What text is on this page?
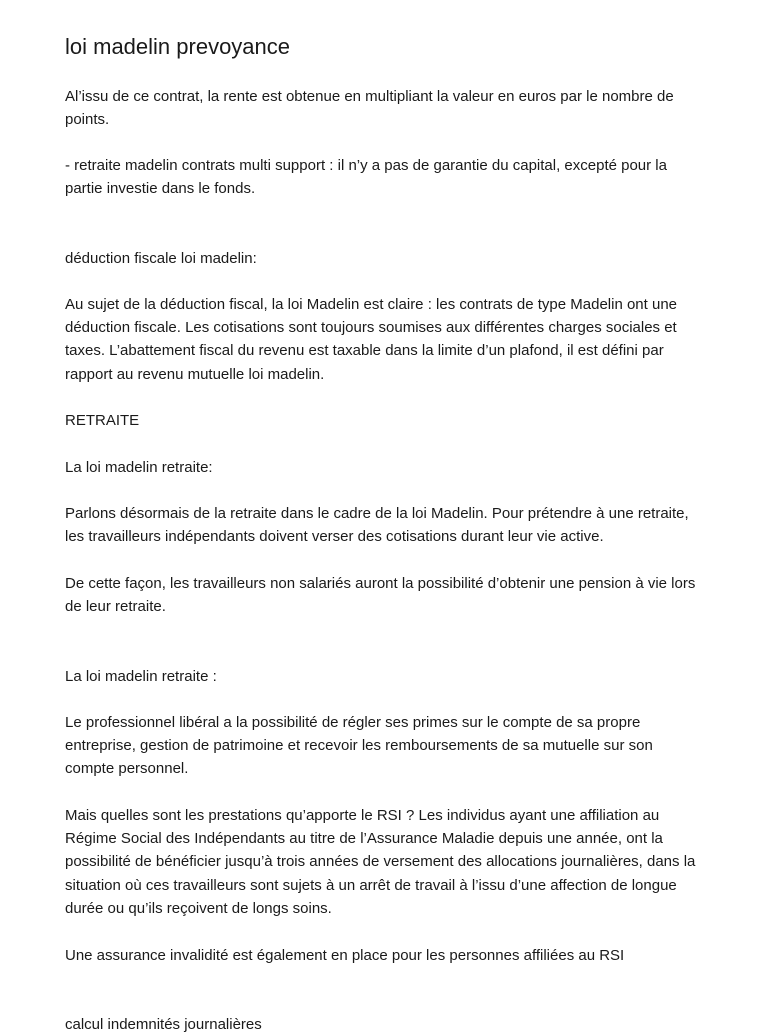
loi madelin prevoyance

Al’issu de ce contrat, la rente est obtenue en multipliant la valeur en euros par le nombre de points.

- retraite madelin contrats multi support : il n’y a pas de garantie du capital, excepté pour la partie investie dans le fonds.

déduction fiscale loi madelin:

Au sujet de la déduction fiscal, la loi Madelin est claire : les contrats de type Madelin ont une déduction fiscale. Les cotisations sont toujours soumises aux différentes charges sociales et taxes. L’abattement fiscal du revenu est taxable dans la limite d’un plafond, il est défini par rapport au revenu mutuelle loi madelin.

RETRAITE

La loi madelin retraite:

Parlons désormais de la retraite dans le cadre de la loi Madelin. Pour prétendre à une retraite, les travailleurs indépendants doivent verser des cotisations durant leur vie active.

De cette façon, les travailleurs non salariés auront la possibilité d’obtenir une pension à vie lors de leur retraite.

La loi madelin retraite :

Le professionnel libéral a la possibilité de régler ses primes sur le compte de sa propre entreprise, gestion de patrimoine et recevoir les remboursements de sa mutuelle sur son compte personnel.

Mais quelles sont les prestations qu’apporte le RSI ? Les individus ayant une affiliation au Régime Social des Indépendants au titre de l’Assurance Maladie depuis une année, ont la possibilité de bénéficier jusqu’à trois années de versement des allocations journalières, dans la situation où ces travailleurs sont sujets à un arrêt de travail à l’issu d’une affection de longue durée ou qu’ils reçoivent de longs soins.

Une assurance invalidité est également en place pour les personnes affiliées au RSI

calcul indemnités journalières
